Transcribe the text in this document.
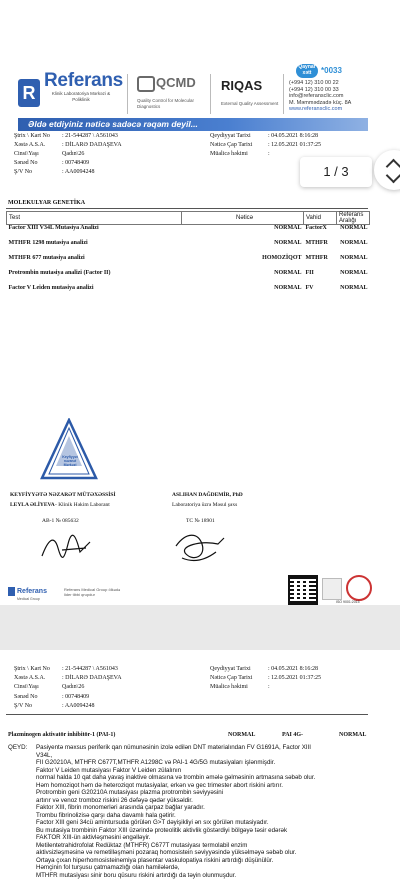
R
Referans
Klinik Laboratoriya Mərkəzi & Poliklinik
QCMD
Quality Control for Molecular Diagnostics
RIQAS
External Quality Assessment
Qaynar xətt	*0033
(+994 12) 310 00 22
(+994 12) 310 00 33
info@referansclic.com
M. Məmmədzadə küç. 8A
www.referansclic.com
Əldə etdiyiniz nəticə sadəcə rəqəm deyil...
Ştrix \ Kart No : 21-544287 \ A561043
Xəstə A.S.A.	: DİLARƏ DADAŞEVA
Cinsi\Yaşı	Qadın\26
Sənəd No	: 00748409
Ş/V No	: AA0094248
Qeydiyyat Tarixi	: 04.05.2021 8:16:28
Nəticə Çap Tarixi	: 12.05.2021 01:37:25
Müalicə həkimi	:
1 / 3
MOLEKULYAR GENETİKA
Test	Nəticə	Vahid	Referans Aralığı
Factor XIII V34L Mutasiya Analizi	NORMAL	FactorX	NORMAL
MTHFR 1298 mutasiya analizi	NORMAL	MTHFR	NORMAL
MTHFR 677 mutasiya analizi	HOMOZİQOT	MTHFR	NORMAL
Protrombin mutasiya analizi (Factor II)	NORMAL	FII	NORMAL
Factor V Leiden mutasiya analizi	NORMAL	FV	NORMAL
Keyfiyyət
nəzarət
Mərkəzi
KEYFİYYƏTƏ NƏZARƏT MÜTƏXƏSSİSİ
LEYLA ƏLİYEVA - Klinik Həkim Laborant
AB-1 № 085632
ASLIHAN DAĞDEMİR, PhD
Laboratoriya üzrə Məsul şəxs
TC № 18901
Referans
Medical Group
Referans Medical Group ölkədə lider tibbi qrupdur
ISO 9001:2015
Ştrix \ Kart No : 21-544287 \ A561043
Xəstə A.S.A.	: DİLARƏ DADAŞEVA
Cinsi\Yaşı	Qadın\26
Sənəd No	: 00748409
Ş/V No	: AA0094248
Qeydiyyat Tarixi	: 04.05.2021 8:16:28
Nəticə Çap Tarixi	: 12.05.2021 01:37:25
Müalicə həkimi	:
Plazminogen aktivatör inhibitör-1 (PAI-1)	NORMAL	PAI 4G-	NORMAL
QEYD: Pasiyentə məxsus periferik qan nümunəsinin izolə edilən DNT materialından FV G1691A, Factor XIII
V34L,
FII G20210A, MTHFR C677T,MTHFR A1298C və PAİ-1 4G/5G mutasiyaları işlənmişdir.
Faktor V Leiden mutasiyası Faktor V Leiden zülalının
normal halda 10 qat daha yavaş inaktive olmasına və trombin əmələ gəlməsinin artmasına səbəb olur.
Həm homoziqot həm də heteroziqot mutasiyalar, erkən və gec trimester abort riskini artırır.
Protrombin geni G20210A mutasiyası plazma protrombin səviyyəsini
artırır və venoz tromboz riskini 26 dəfəyə qədər yüksəldir.
Faktor XIII, fibrin monomerləri arasında çarpaz bağlar yaradır.
Trombu fibrinolizisə qarşı daha davamlı hala gətirir.
Factor XIII geni 34cü amintursuda görülən G>T dəyişikliyi ən sıx görülən mutasiyadır.
Bu mutasiya trombinin Faktor XIII üzərində proteolitik aktivlik göstərdiyi bölgəyə təsir edərək
FAKTOR XIII-ün aktivləşməsini əngəlləyir.
Metilentetrahidrofolat Redüktaz (MTHFR) C677T mutasiyası termolabil enzim
aktivsizləşməsinə və remetilləşməni pozaraq homosistein səviyyəsində yüksəlməyə səbəb olur.
Ortaya çıxan hiperhomosisteinemiya plasentar vaskulopatiya riskini artırdığı düşünülür.
Həmçinin fol turşusu çatmamazlığı olan hamilələrdə,
MTHFR mutasiyası sinir boru qüsuru riskini artırdığı da təyin olunmuşdur.
